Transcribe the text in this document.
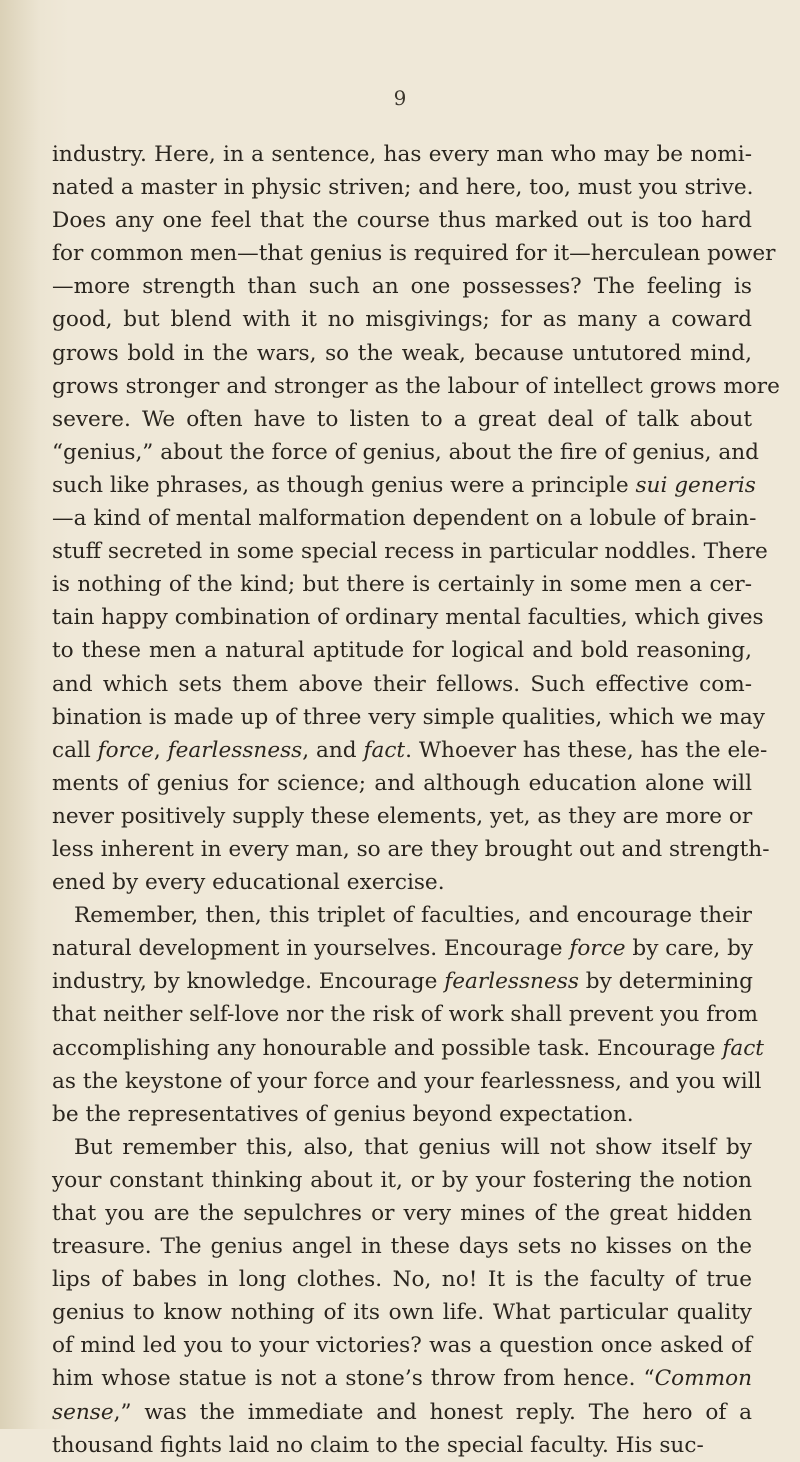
9
industry. Here, in a sentence, has every man who may be nomi-
nated a master in physic striven; and here, too, must you strive.
Does any one feel that the course thus marked out is too hard
for common men—that genius is required for it—herculean power
—more strength than such an one possesses? The feeling is
good, but blend with it no misgivings; for as many a coward
grows bold in the wars, so the weak, because untutored mind,
grows stronger and stronger as the labour of intellect grows more
severe. We often have to listen to a great deal of talk about
“genius,” about the force of genius, about the fire of genius, and
such like phrases, as though genius were a principle sui generis
—a kind of mental malformation dependent on a lobule of brain-
stuff secreted in some special recess in particular noddles. There
is nothing of the kind; but there is certainly in some men a cer-
tain happy combination of ordinary mental faculties, which gives
to these men a natural aptitude for logical and bold reasoning,
and which sets them above their fellows. Such effective com-
bination is made up of three very simple qualities, which we may
call force, fearlessness, and fact. Whoever has these, has the ele-
ments of genius for science; and although education alone will
never positively supply these elements, yet, as they are more or
less inherent in every man, so are they brought out and strength-
ened by every educational exercise.
Remember, then, this triplet of faculties, and encourage their
natural development in yourselves. Encourage force by care, by
industry, by knowledge. Encourage fearlessness by determining
that neither self-love nor the risk of work shall prevent you from
accomplishing any honourable and possible task. Encourage fact
as the keystone of your force and your fearlessness, and you will
be the representatives of genius beyond expectation.
But remember this, also, that genius will not show itself by
your constant thinking about it, or by your fostering the notion
that you are the sepulchres or very mines of the great hidden
treasure. The genius angel in these days sets no kisses on the
lips of babes in long clothes. No, no! It is the faculty of true
genius to know nothing of its own life. What particular quality
of mind led you to your victories? was a question once asked of
him whose statue is not a stone’s throw from hence. “Common
sense,” was the immediate and honest reply. The hero of a
thousand fights laid no claim to the special faculty. His suc-
